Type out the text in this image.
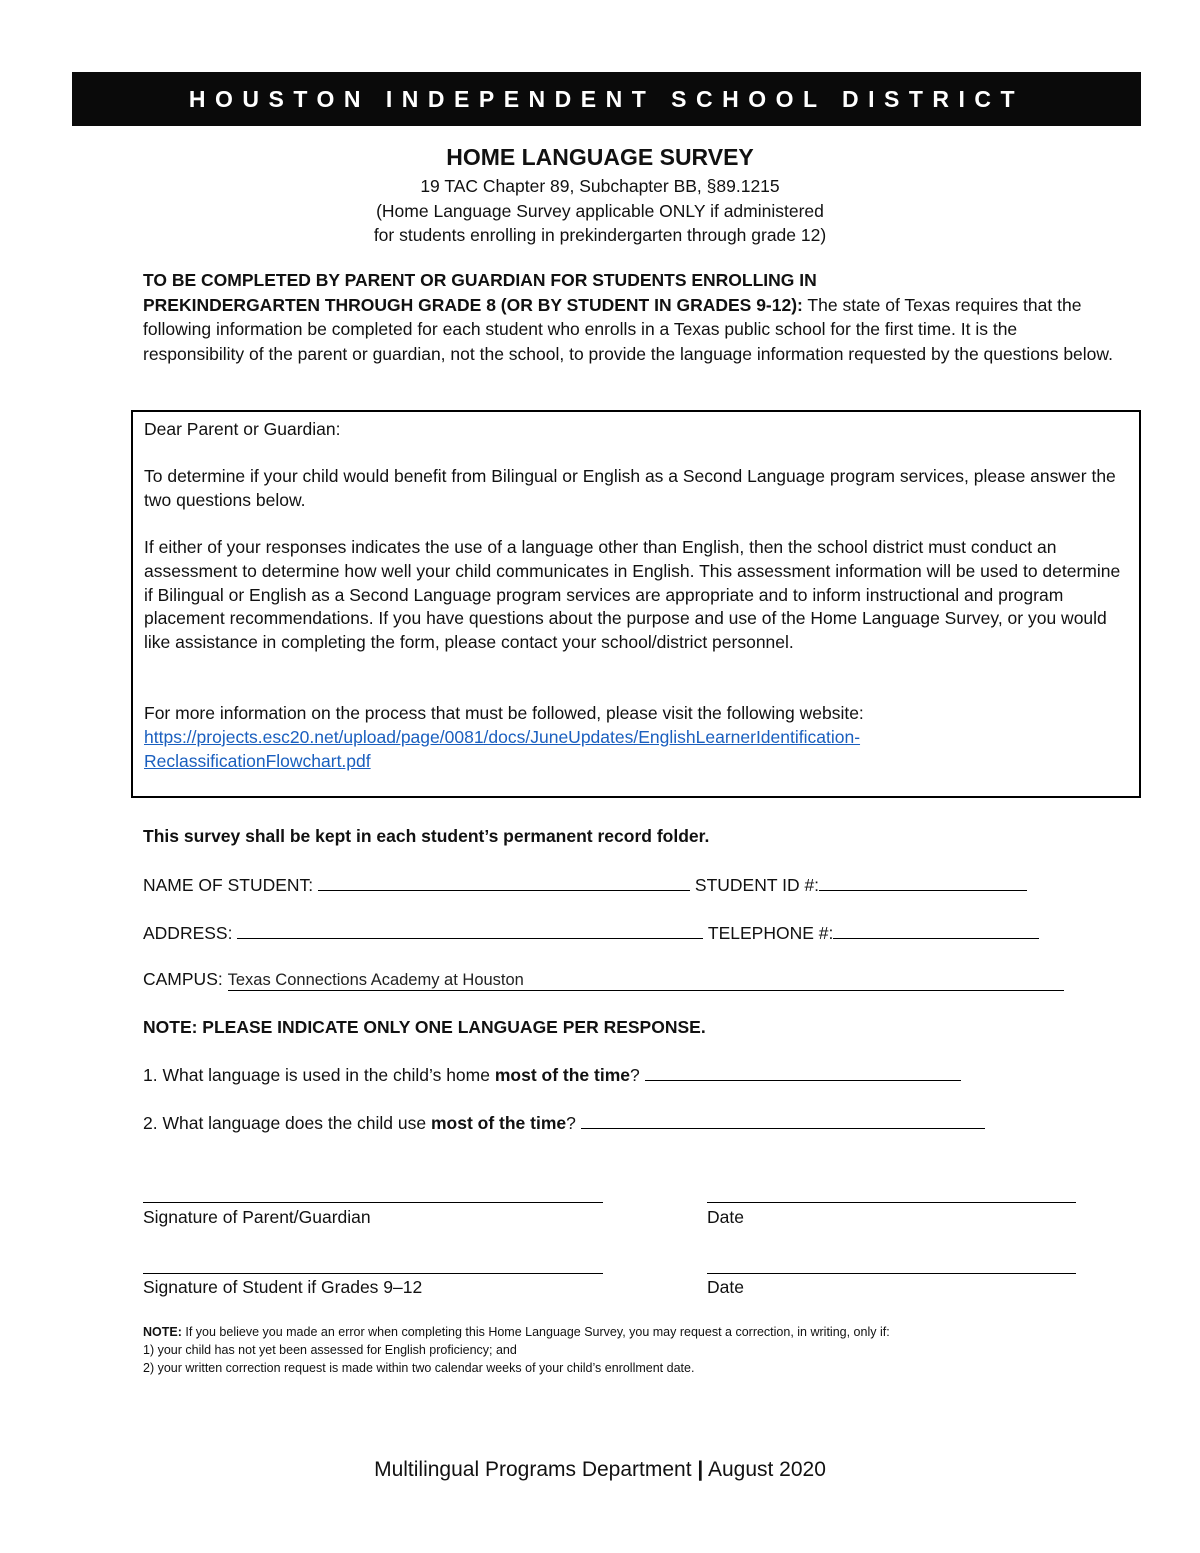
HOUSTON INDEPENDENT SCHOOL DISTRICT
HOME LANGUAGE SURVEY
19 TAC Chapter 89, Subchapter BB, §89.1215
(Home Language Survey applicable ONLY if administered
for students enrolling in prekindergarten through grade 12)
TO BE COMPLETED BY PARENT OR GUARDIAN FOR STUDENTS ENROLLING IN
PREKINDERGARTEN THROUGH GRADE 8 (OR BY STUDENT IN GRADES 9-12): The state of Texas requires that the following information be completed for each student who enrolls in a Texas public school for the first time. It is the responsibility of the parent or guardian, not the school, to provide the language information requested by the questions below.

Dear Parent or Guardian:

To determine if your child would benefit from Bilingual or English as a Second Language program services, please answer the two questions below.

If either of your responses indicates the use of a language other than English, then the school district must conduct an assessment to determine how well your child communicates in English. This assessment information will be used to determine if Bilingual or English as a Second Language program services are appropriate and to inform instructional and program placement recommendations. If you have questions about the purpose and use of the Home Language Survey, or you would like assistance in completing the form, please contact your school/district personnel.

For more information on the process that must be followed, please visit the following website:
https://projects.esc20.net/upload/page/0081/docs/JuneUpdates/EnglishLearnerIdentification-
ReclassificationFlowchart.pdf

This survey shall be kept in each student’s permanent record folder.
NAME OF STUDENT:	STUDENT ID #:
ADDRESS:	TELEPHONE #:
CAMPUS: Texas Connections Academy at Houston
NOTE: PLEASE INDICATE ONLY ONE LANGUAGE PER RESPONSE.
1. What language is used in the child’s home most of the time?
2. What language does the child use most of the time?
Signature of Parent/Guardian	Date
Signature of Student if Grades 9–12	Date
NOTE: If you believe you made an error when completing this Home Language Survey, you may request a correction, in writing, only if:
1) your child has not yet been assessed for English proficiency; and
2) your written correction request is made within two calendar weeks of your child’s enrollment date.
Multilingual Programs Department | August 2020
